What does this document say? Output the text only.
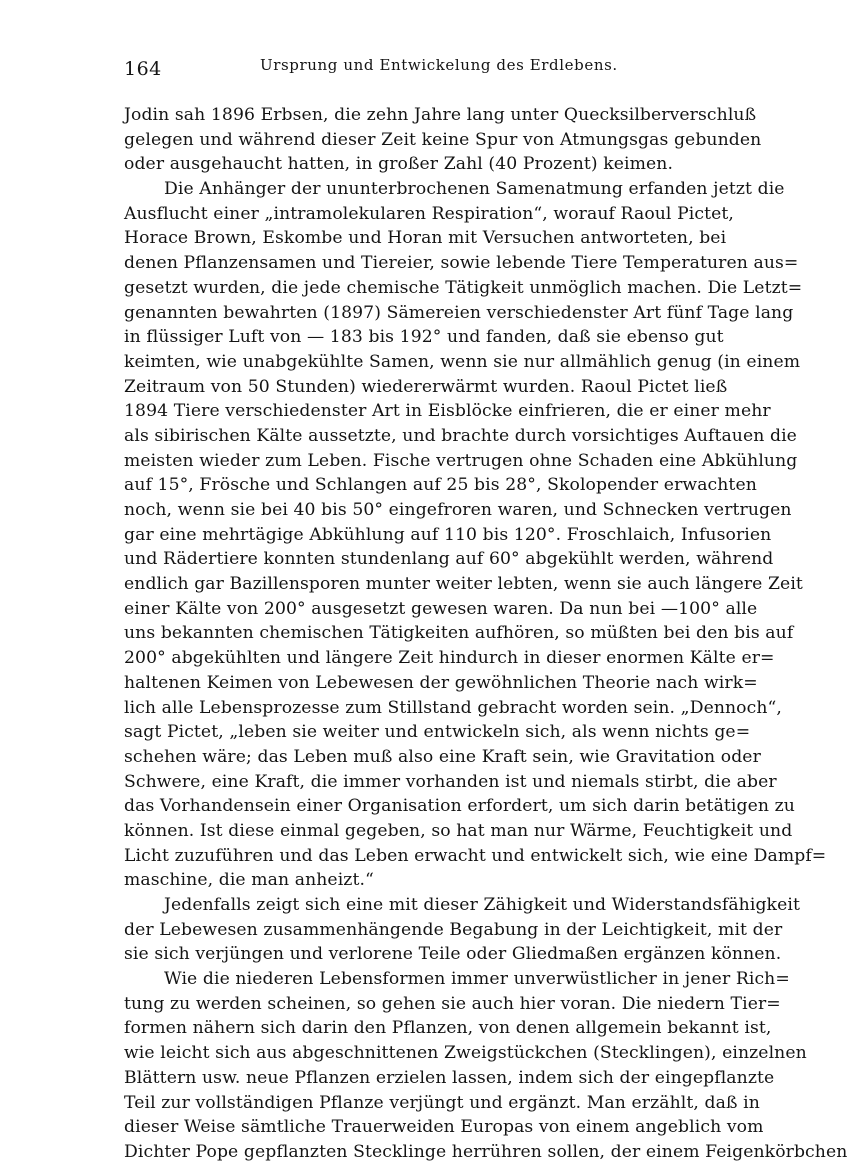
164	Ursprung und Entwickelung des Erdlebens.
Jodin sah 1896 Erbsen, die zehn Jahre lang unter Quecksilberverschluß
gelegen und während dieser Zeit keine Spur von Atmungsgas gebunden
oder ausgehaucht hatten, in großer Zahl (40 Prozent) keimen.
Die Anhänger der ununterbrochenen Samenatmung erfanden jetzt die
Ausflucht einer „intramolekularen Respiration“, worauf Raoul Pictet,
Horace Brown, Eskombe und Horan mit Versuchen antworteten, bei
denen Pflanzensamen und Tiereier, sowie lebende Tiere Temperaturen aus=
gesetzt wurden, die jede chemische Tätigkeit unmöglich machen. Die Letzt=
genannten bewahrten (1897) Sämereien verschiedenster Art fünf Tage lang
in flüssiger Luft von — 183 bis 192° und fanden, daß sie ebenso gut
keimten, wie unabgekühlte Samen, wenn sie nur allmählich genug (in einem
Zeitraum von 50 Stunden) wiedererwärmt wurden. Raoul Pictet ließ
1894 Tiere verschiedenster Art in Eisblöcke einfrieren, die er einer mehr
als sibirischen Kälte aussetzte, und brachte durch vorsichtiges Auftauen die
meisten wieder zum Leben. Fische vertrugen ohne Schaden eine Abkühlung
auf 15°, Frösche und Schlangen auf 25 bis 28°, Skolopender erwachten
noch, wenn sie bei 40 bis 50° eingefroren waren, und Schnecken vertrugen
gar eine mehrtägige Abkühlung auf 110 bis 120°. Froschlaich, Infusorien
und Rädertiere konnten stundenlang auf 60° abgekühlt werden, während
endlich gar Bazillensporen munter weiter lebten, wenn sie auch längere Zeit
einer Kälte von 200° ausgesetzt gewesen waren. Da nun bei —100° alle
uns bekannten chemischen Tätigkeiten aufhören, so müßten bei den bis auf
200° abgekühlten und längere Zeit hindurch in dieser enormen Kälte er=
haltenen Keimen von Lebewesen der gewöhnlichen Theorie nach wirk=
lich alle Lebensprozesse zum Stillstand gebracht worden sein. „Dennoch“,
sagt Pictet, „leben sie weiter und entwickeln sich, als wenn nichts ge=
schehen wäre; das Leben muß also eine Kraft sein, wie Gravitation oder
Schwere, eine Kraft, die immer vorhanden ist und niemals stirbt, die aber
das Vorhandensein einer Organisation erfordert, um sich darin betätigen zu
können. Ist diese einmal gegeben, so hat man nur Wärme, Feuchtigkeit und
Licht zuzuführen und das Leben erwacht und entwickelt sich, wie eine Dampf=
maschine, die man anheizt.“
Jedenfalls zeigt sich eine mit dieser Zähigkeit und Widerstandsfähigkeit
der Lebewesen zusammenhängende Begabung in der Leichtigkeit, mit der
sie sich verjüngen und verlorene Teile oder Gliedmaßen ergänzen können.
Wie die niederen Lebensformen immer unverwüstlicher in jener Rich=
tung zu werden scheinen, so gehen sie auch hier voran. Die niedern Tier=
formen nähern sich darin den Pflanzen, von denen allgemein bekannt ist,
wie leicht sich aus abgeschnittenen Zweigstückchen (Stecklingen), einzelnen
Blättern usw. neue Pflanzen erzielen lassen, indem sich der eingepflanzte
Teil zur vollständigen Pflanze verjüngt und ergänzt. Man erzählt, daß in
dieser Weise sämtliche Trauerweiden Europas von einem angeblich vom
Dichter Pope gepflanzten Stecklinge herrühren sollen, der einem Feigenkörbchen
